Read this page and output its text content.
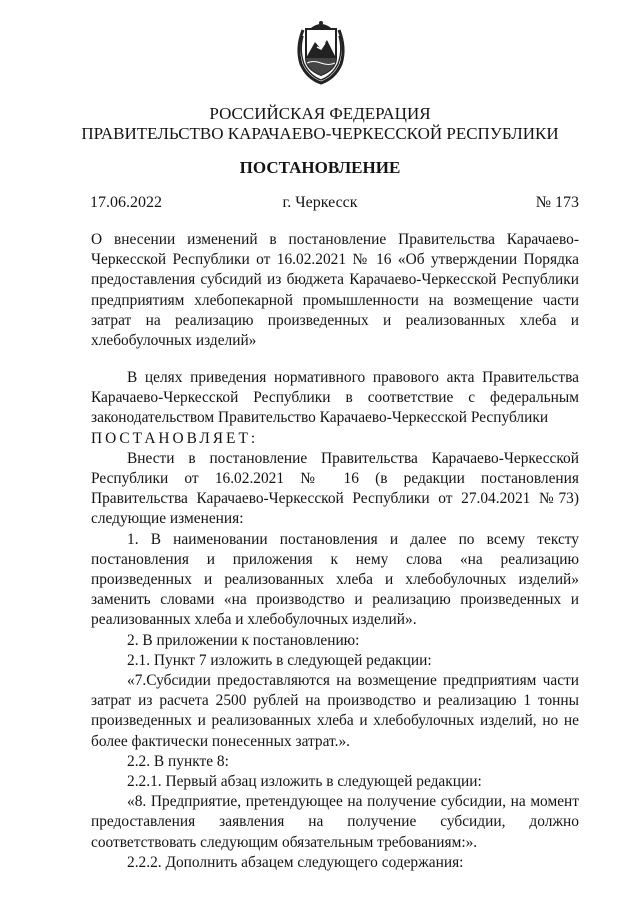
РОССИЙСКАЯ ФЕДЕРАЦИЯ
ПРАВИТЕЛЬСТВО КАРАЧАЕВО-ЧЕРКЕССКОЙ РЕСПУБЛИКИ
ПОСТАНОВЛЕНИЕ
17.06.2022	г. Черкесск	№ 173

О внесении изменений в постановление Правительства Карачаево-Черкесской Республики от 16.02.2021 № 16 «Об утверждении Порядка предоставления субсидий из бюджета Карачаево-Черкесской Республики предприятиям хлебопекарной промышленности на возмещение части затрат на реализацию произведенных и реализованных хлеба и хлебобулочных изделий»

В целях приведения нормативного правового акта Правительства Карачаево-Черкесской Республики в соответствие с федеральным законодательством Правительство Карачаево-Черкесской Республики

ПОСТАНОВЛЯЕТ:

Внести в постановление Правительства Карачаево-Черкесской Республики от 16.02.2021 № 16 (в редакции постановления Правительства Карачаево-Черкесской Республики от 27.04.2021 №73) следующие изменения:

1. В наименовании постановления и далее по всему тексту постановления и приложения к нему слова «на реализацию произведенных и реализованных хлеба и хлебобулочных изделий» заменить словами «на производство и реализацию произведенных и реализованных хлеба и хлебобулочных изделий».

2. В приложении к постановлению:

2.1. Пункт 7 изложить в следующей редакции:

«7.Субсидии предоставляются на возмещение предприятиям части затрат из расчета 2500 рублей на производство и реализацию 1 тонны произведенных и реализованных хлеба и хлебобулочных изделий, но не более фактически понесенных затрат.».

2.2. В пункте 8:

2.2.1. Первый абзац изложить в следующей редакции:

«8. Предприятие, претендующее на получение субсидии, на момент предоставления заявления на получение субсидии, должно соответствовать следующим обязательным требованиям:».

2.2.2. Дополнить абзацем следующего содержания:
